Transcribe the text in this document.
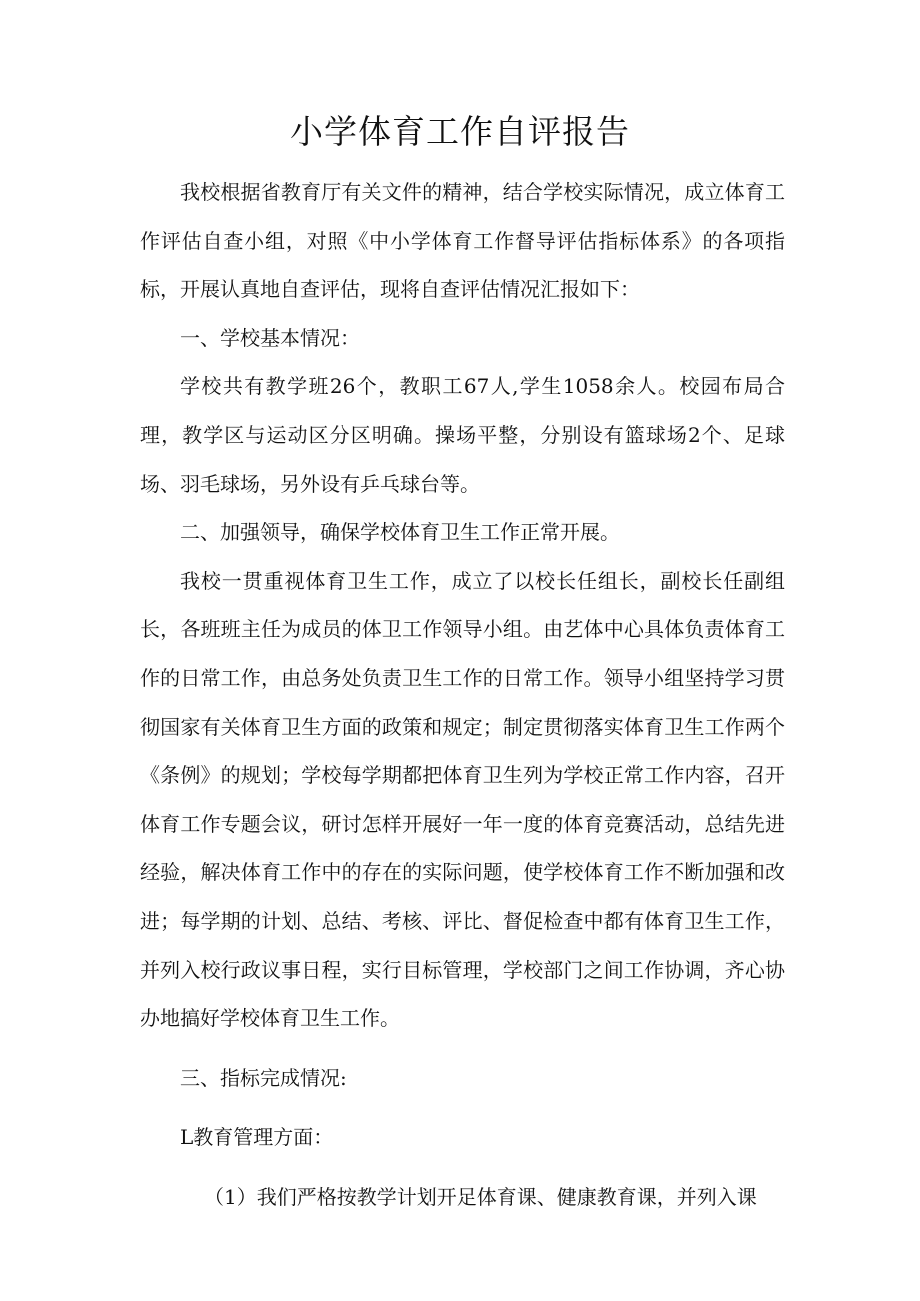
小学体育工作自评报告

我校根据省教育厅有关文件的精神，结合学校实际情况，成立体育工作评估自查小组，对照《中小学体育工作督导评估指标体系》的各项指标，开展认真地自查评估，现将自查评估情况汇报如下：

一、学校基本情况：

学校共有教学班26个，教职工67人,学生1058余人。校园布局合理，教学区与运动区分区明确。操场平整，分别设有篮球场2个、足球场、羽毛球场，另外设有乒乓球台等。

二、加强领导，确保学校体育卫生工作正常开展。

我校一贯重视体育卫生工作，成立了以校长任组长，副校长任副组长，各班班主任为成员的体卫工作领导小组。由艺体中心具体负责体育工作的日常工作，由总务处负责卫生工作的日常工作。领导小组坚持学习贯彻国家有关体育卫生方面的政策和规定；制定贯彻落实体育卫生工作两个《条例》的规划；学校每学期都把体育卫生列为学校正常工作内容，召开体育工作专题会议，研讨怎样开展好一年一度的体育竞赛活动，总结先进经验，解决体育工作中的存在的实际问题，使学校体育工作不断加强和改进；每学期的计划、总结、考核、评比、督促检查中都有体育卫生工作，并列入校行政议事日程，实行目标管理，学校部门之间工作协调，齐心协办地搞好学校体育卫生工作。

三、指标完成情况:

L教育管理方面：

（1）我们严格按教学计划开足体育课、健康教育课，并列入课
